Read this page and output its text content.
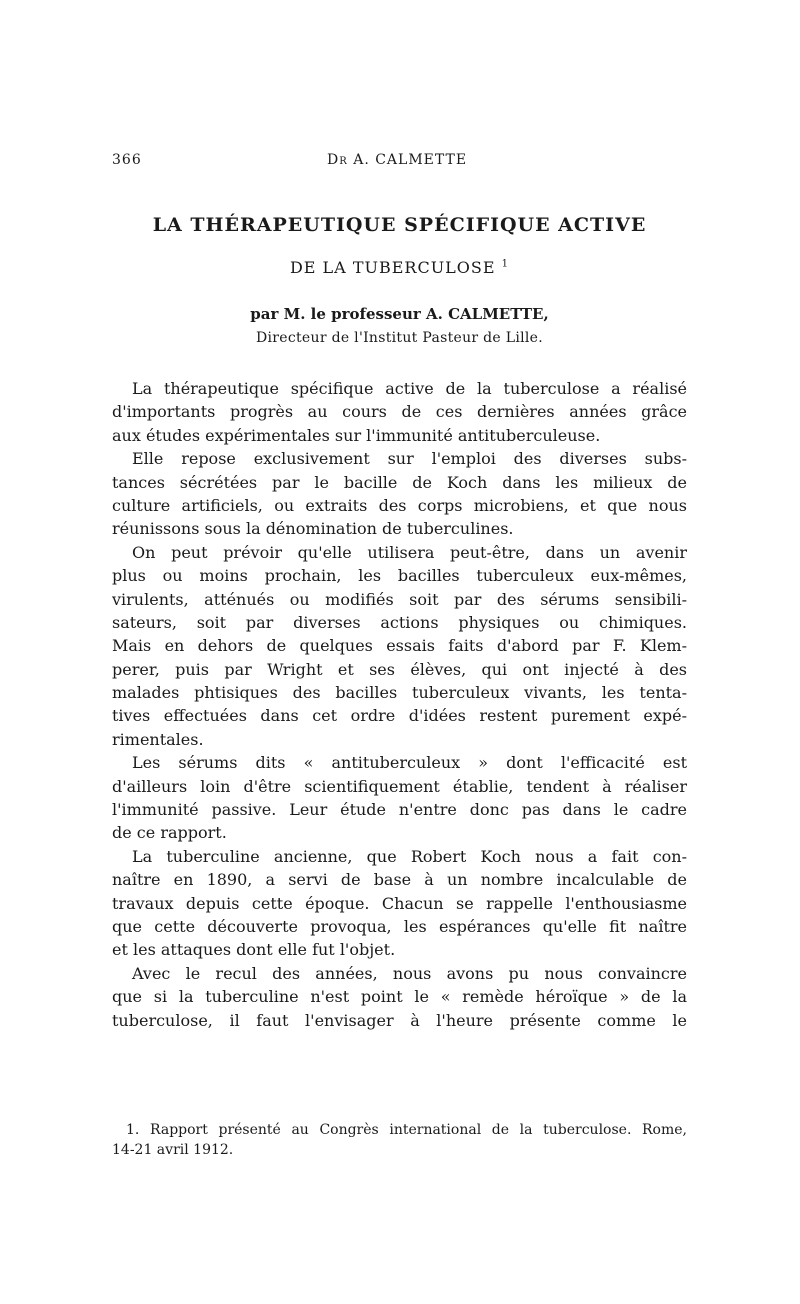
366	Dr A. CALMETTE
LA THÉRAPEUTIQUE SPÉCIFIQUE ACTIVE
DE LA TUBERCULOSE $^1$
par M. le professeur A. CALMETTE,
Directeur de l'Institut Pasteur de Lille.
La thérapeutique spécifique active de la tuberculose a réalisé
d'importants progrès au cours de ces dernières années grâce
aux études expérimentales sur l'immunité antituberculeuse.
Elle repose exclusivement sur l'emploi des diverses subs-
tances sécrétées par le bacille de Koch dans les milieux de
culture artificiels, ou extraits des corps microbiens, et que nous
réunissons sous la dénomination de tuberculines.
On peut prévoir qu'elle utilisera peut-être, dans un avenir
plus ou moins prochain, les bacilles tuberculeux eux-mêmes,
virulents, atténués ou modifiés soit par des sérums sensibili-
sateurs, soit par diverses actions physiques ou chimiques.
Mais en dehors de quelques essais faits d'abord par F. Klem-
perer, puis par Wright et ses élèves, qui ont injecté à des
malades phtisiques des bacilles tuberculeux vivants, les tenta-
tives effectuées dans cet ordre d'idées restent purement expé-
rimentales.
Les sérums dits « antituberculeux » dont l'efficacité est
d'ailleurs loin d'être scientifiquement établie, tendent à réaliser
l'immunité passive. Leur étude n'entre donc pas dans le cadre
de ce rapport.
La tuberculine ancienne, que Robert Koch nous a fait con-
naître en 1890, a servi de base à un nombre incalculable de
travaux depuis cette époque. Chacun se rappelle l'enthousiasme
que cette découverte provoqua, les espérances qu'elle fit naître
et les attaques dont elle fut l'objet.
Avec le recul des années, nous avons pu nous convaincre
que si la tuberculine n'est point le « remède héroïque » de la
tuberculose, il faut l'envisager à l'heure présente comme le
1. Rapport présenté au Congrès international de la tuberculose. Rome,
14-21 avril 1912.
